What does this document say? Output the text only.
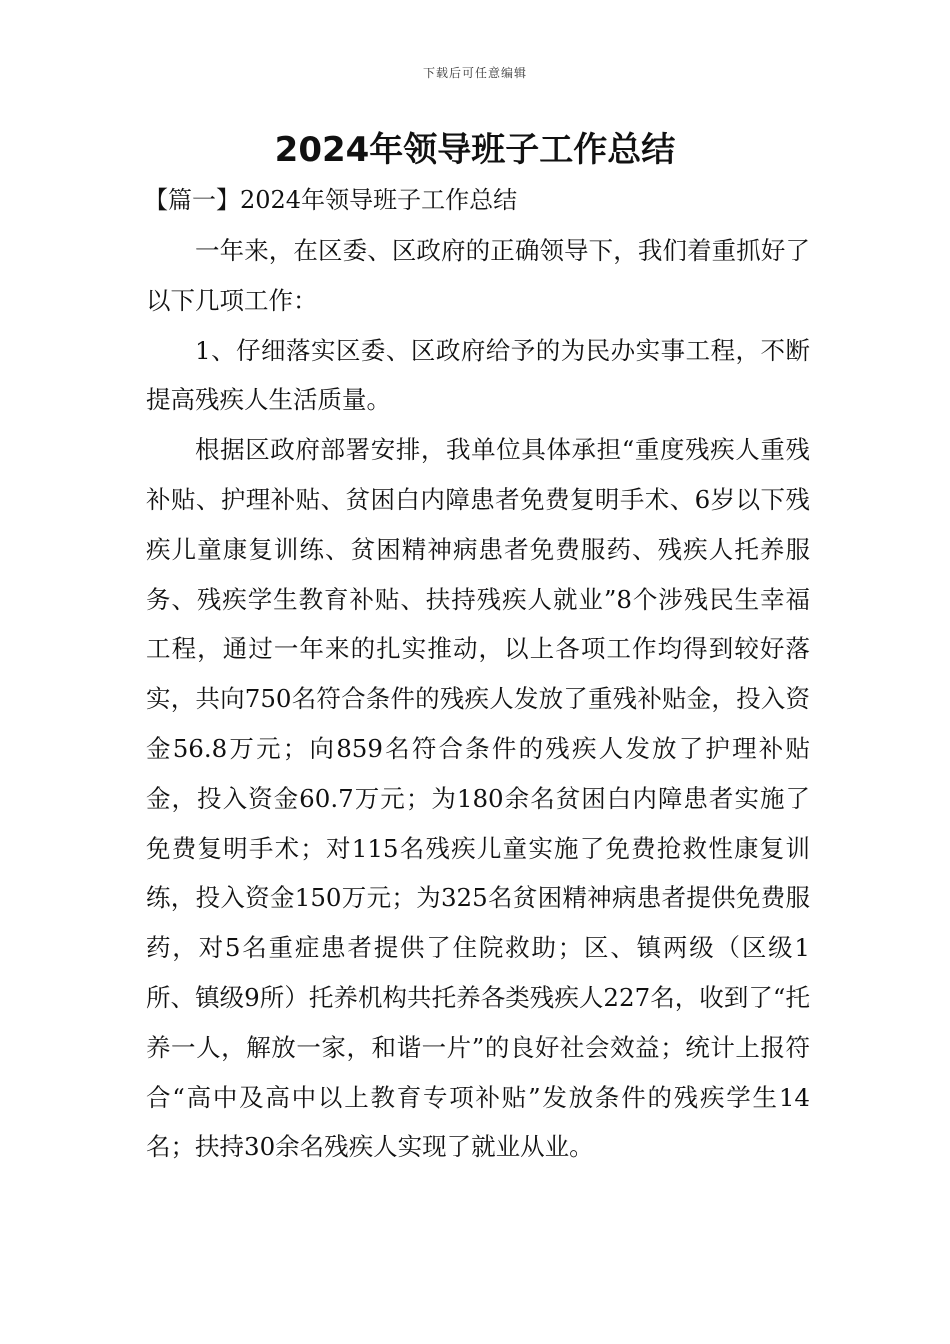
下载后可任意编辑
2024年领导班子工作总结

【篇一】2024年领导班子工作总结

一年来，在区委、区政府的正确领导下，我们着重抓好了以下几项工作：

1、仔细落实区委、区政府给予的为民办实事工程，不断提高残疾人生活质量。

根据区政府部署安排，我单位具体承担“重度残疾人重残补贴、护理补贴、贫困白内障患者免费复明手术、6岁以下残疾儿童康复训练、贫困精神病患者免费服药、残疾人托养服务、残疾学生教育补贴、扶持残疾人就业”8个涉残民生幸福工程，通过一年来的扎实推动，以上各项工作均得到较好落实，共向750名符合条件的残疾人发放了重残补贴金，投入资金56.8万元；向859名符合条件的残疾人发放了护理补贴金，投入资金60.7万元；为180余名贫困白内障患者实施了免费复明手术；对115名残疾儿童实施了免费抢救性康复训练，投入资金150万元；为325名贫困精神病患者提供免费服药，对5名重症患者提供了住院救助；区、镇两级（区级1所、镇级9所）托养机构共托养各类残疾人227名，收到了“托养一人，解放一家，和谐一片”的良好社会效益；统计上报符合“高中及高中以上教育专项补贴”发放条件的残疾学生14名；扶持30余名残疾人实现了就业从业。
